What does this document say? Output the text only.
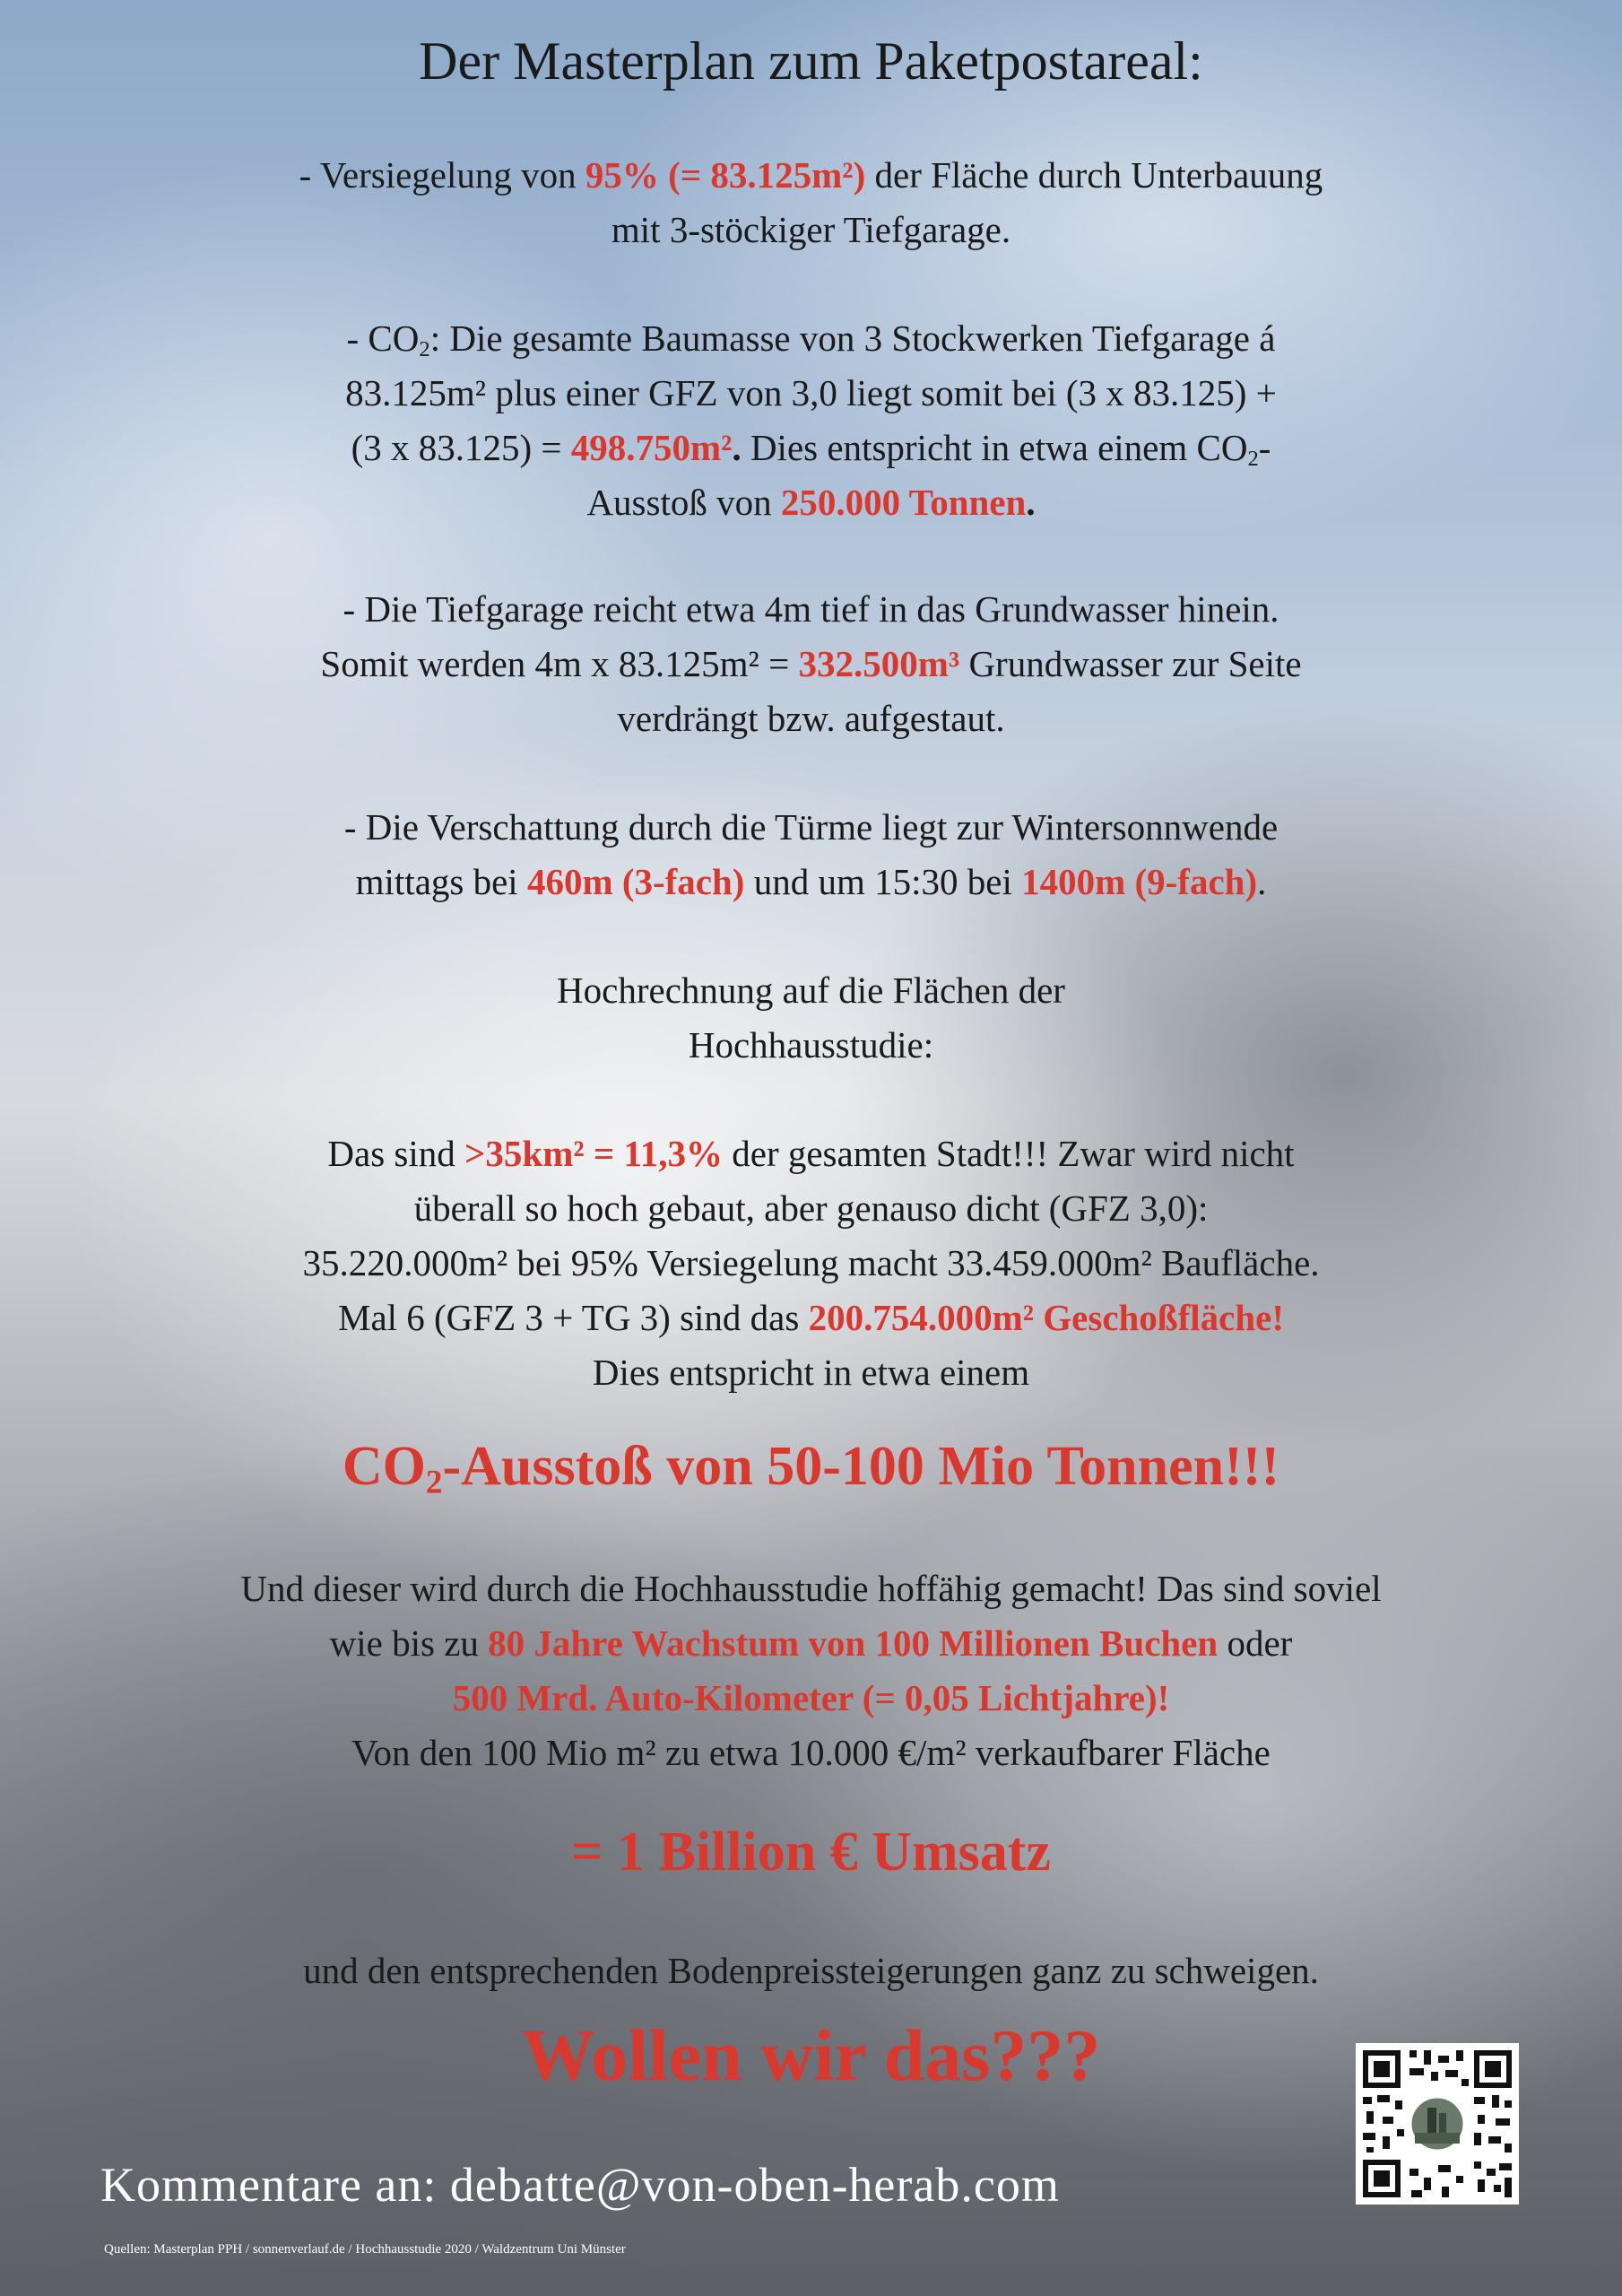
Der Masterplan zum Paketpostareal:
- Versiegelung von 95% (= 83.125m²) der Fläche durch Unterbauung
mit 3-stöckiger Tiefgarage.
- $CO_2$: Die gesamte Baumasse von 3 Stockwerken Tiefgarage á
83.125m² plus einer GFZ von 3,0 liegt somit bei (3 x 83.125) +
(3 x 83.125) = 498.750m². Dies entspricht in etwa einem $CO_2-$
Ausstoß von 250.000 Tonnen.
- Die Tiefgarage reicht etwa 4m tief in das Grundwasser hinein.
Somit werden 4m x 83.125m² = 332.500m³ Grundwasser zur Seite
verdrängt bzw. aufgestaut.
- Die Verschattung durch die Türme liegt zur Wintersonnwende
mittags bei 460m (3-fach) und um 15:30 bei 1400m (9-fach).
Hochrechnung auf die Flächen der
Hochhausstudie:
Das sind >35km² = 11,3% der gesamten Stadt!!! Zwar wird nicht
überall so hoch gebaut, aber genauso dicht (GFZ 3,0):
35.220.000m² bei 95% Versiegelung macht 33.459.000m² Baufläche.
Mal 6 (GFZ 3 + TG 3) sind das 200.754.000m² Geschoßfläche!
Dies entspricht in etwa einem
$CO_2$-Ausstoß von 50-100 Mio Tonnen!!!
Und dieser wird durch die Hochhausstudie hoffähig gemacht! Das sind soviel
wie bis zu 80 Jahre Wachstum von 100 Millionen Buchen oder
500 Mrd. Auto-Kilometer (= 0,05 Lichtjahre)!
Von den 100 Mio m² zu etwa 10.000 €/m² verkaufbarer Fläche
= 1 Billion € Umsatz
und den entsprechenden Bodenpreissteigerungen ganz zu schweigen.
Wollen wir das???
Kommentare an: debatte@von-oben-herab.com
Quellen: Masterplan PPH / sonnenverlauf.de / Hochhausstudie 2020 / Waldzentrum Uni Münster
